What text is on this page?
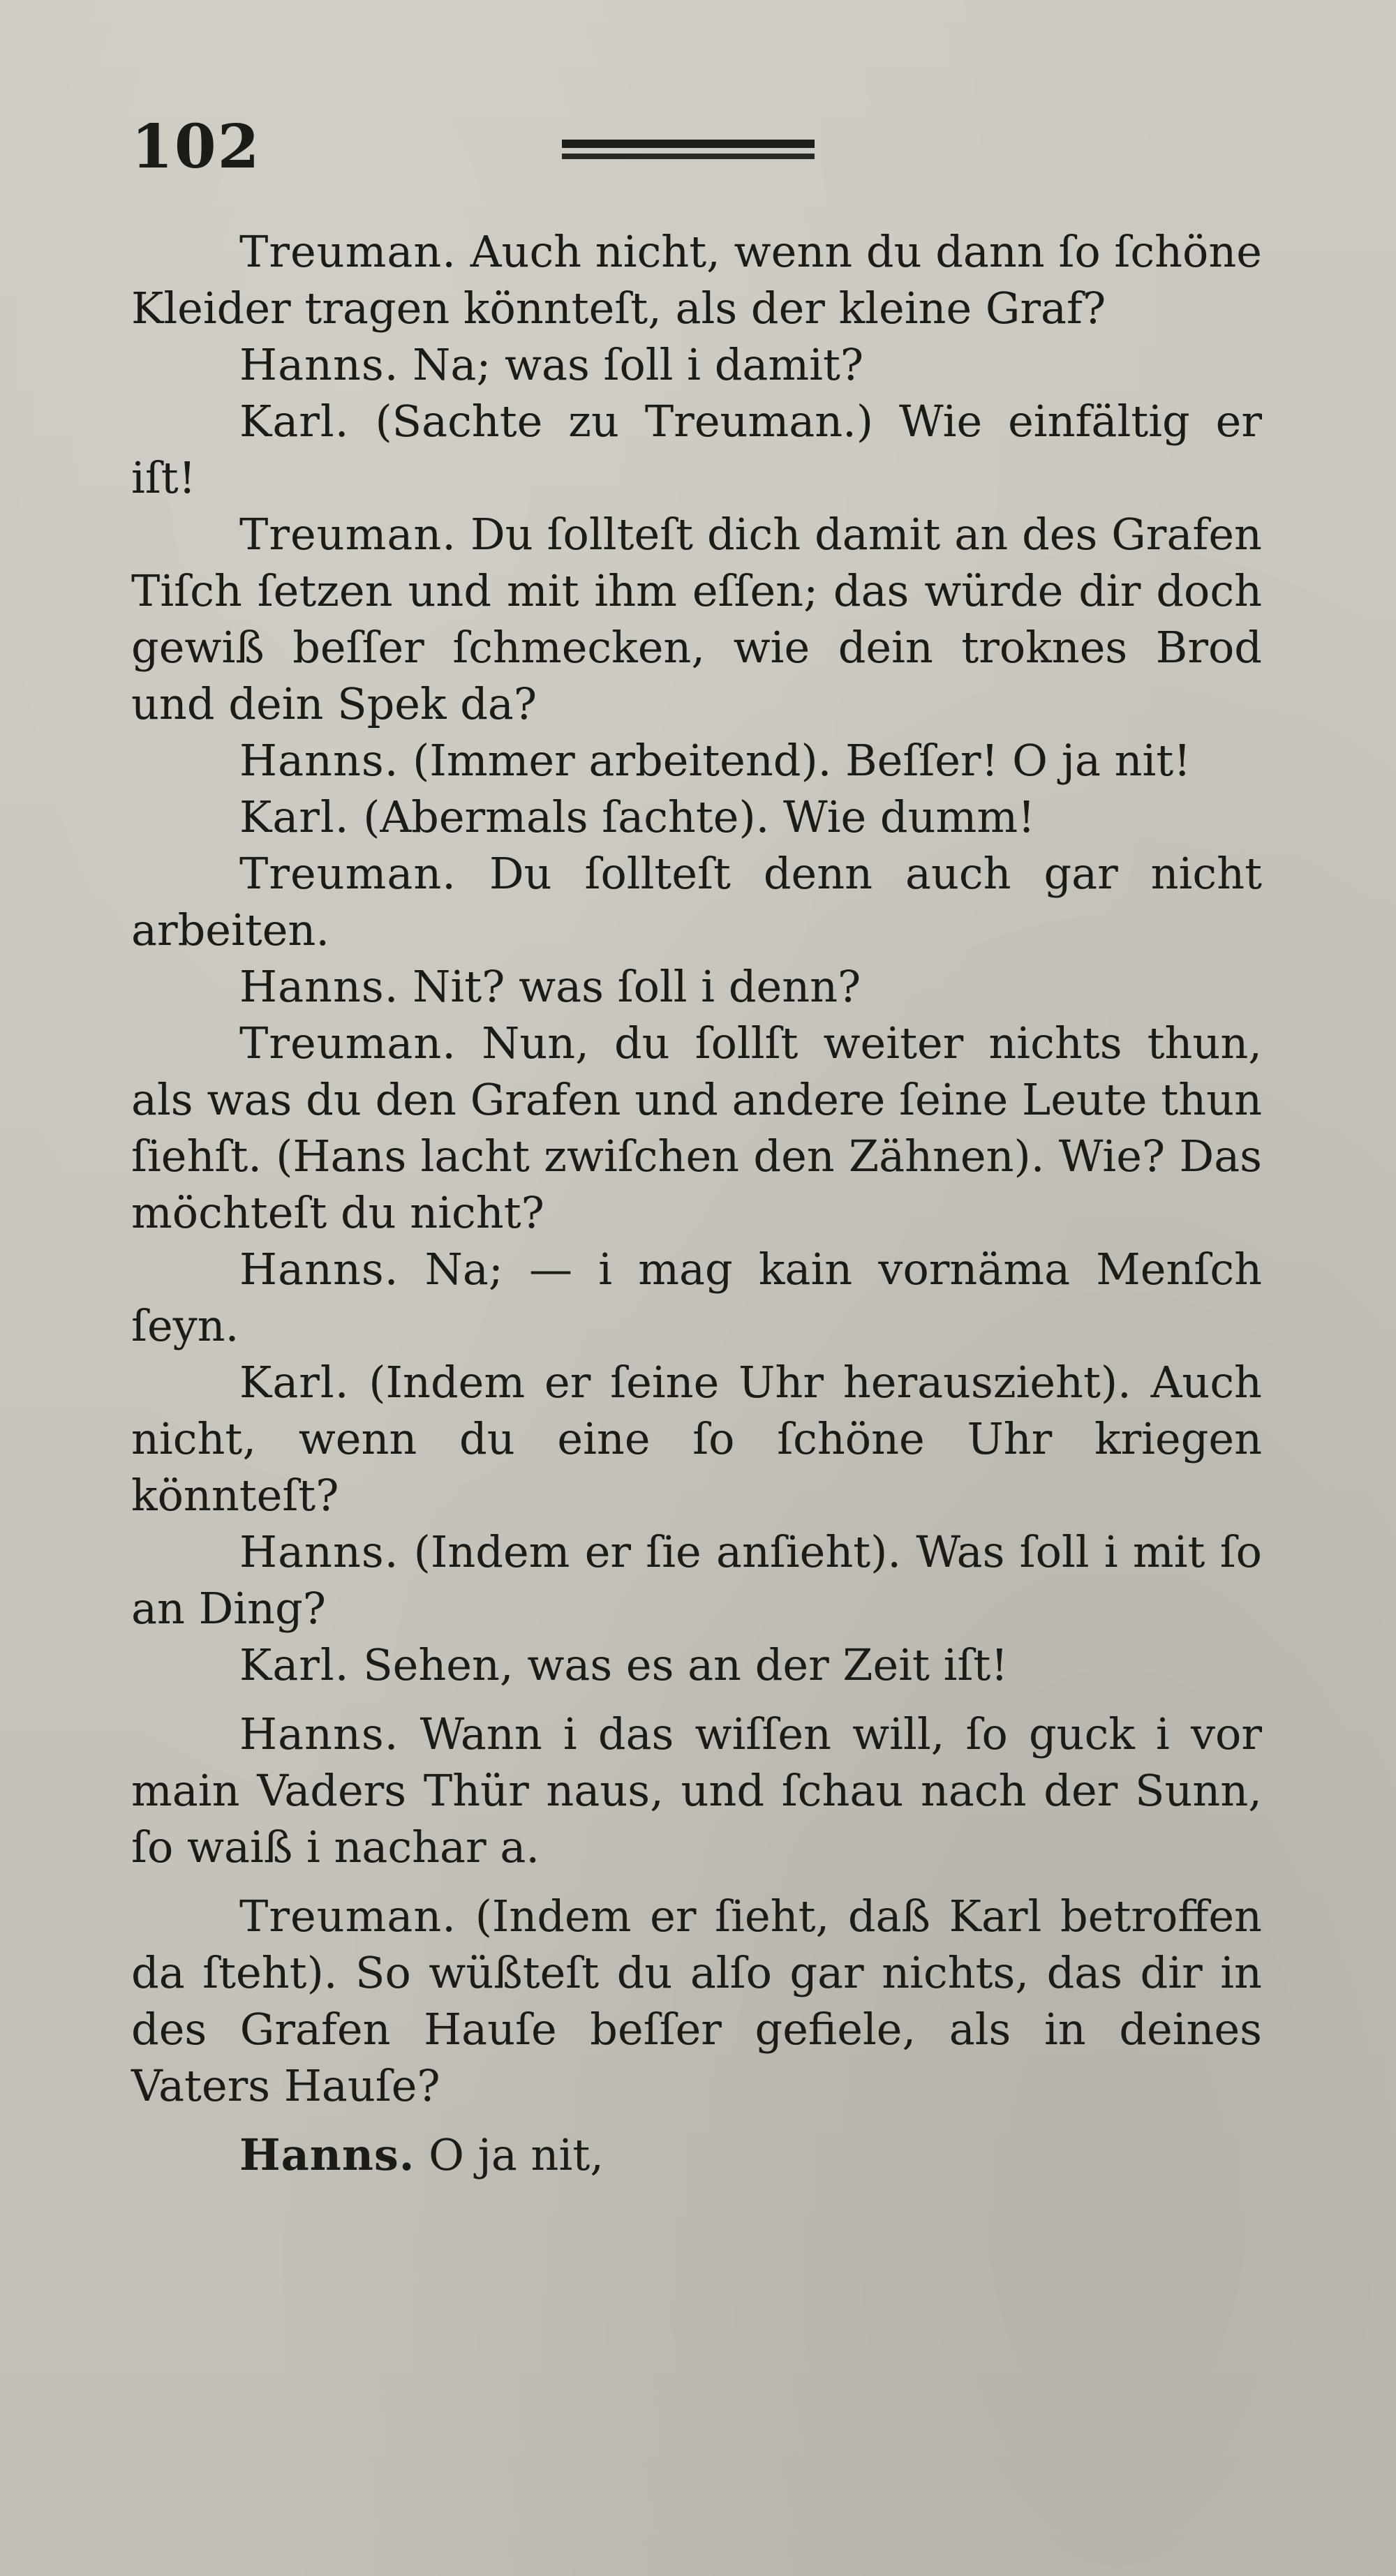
102

Treuman. Auch nicht, wenn du dann ſo ſchöne Kleider tragen könnteſt, als der kleine Graf?

Hanns. Na; was ſoll i damit?

Karl. (Sachte zu Treuman.) Wie einfältig er iſt!

Treuman. Du ſollteſt dich damit an des Grafen Tiſch ſetzen und mit ihm eſſen; das würde dir doch gewiß beſſer ſchmecken, wie dein troknes Brod und dein Spek da?

Hanns. (Immer arbeitend). Beſſer! O ja nit!

Karl. (Abermals ſachte). Wie dumm!

Treuman. Du ſollteſt denn auch gar nicht arbeiten.

Hanns. Nit? was ſoll i denn?

Treuman. Nun, du ſollſt weiter nichts thun, als was du den Grafen und andere ſeine Leute thun ſiehſt. (Hans lacht zwiſchen den Zähnen). Wie? Das möchteſt du nicht?

Hanns. Na; — i mag kain vornäma Menſch ſeyn.

Karl. (Indem er ſeine Uhr herauszieht). Auch nicht, wenn du eine ſo ſchöne Uhr kriegen könnteſt?

Hanns. (Indem er ſie anſieht). Was ſoll i mit ſo an Ding?

Karl. Sehen, was es an der Zeit iſt!

Hanns. Wann i das wiſſen will, ſo guck i vor main Vaders Thür naus, und ſchau nach der Sunn, ſo waiß i nachar a.

Treuman. (Indem er ſieht, daß Karl betroffen da ſteht). So wüßteſt du alſo gar nichts, das dir in des Grafen Hauſe beſſer gefiele, als in deines Vaters Hauſe?

Hanns. O ja nit,
